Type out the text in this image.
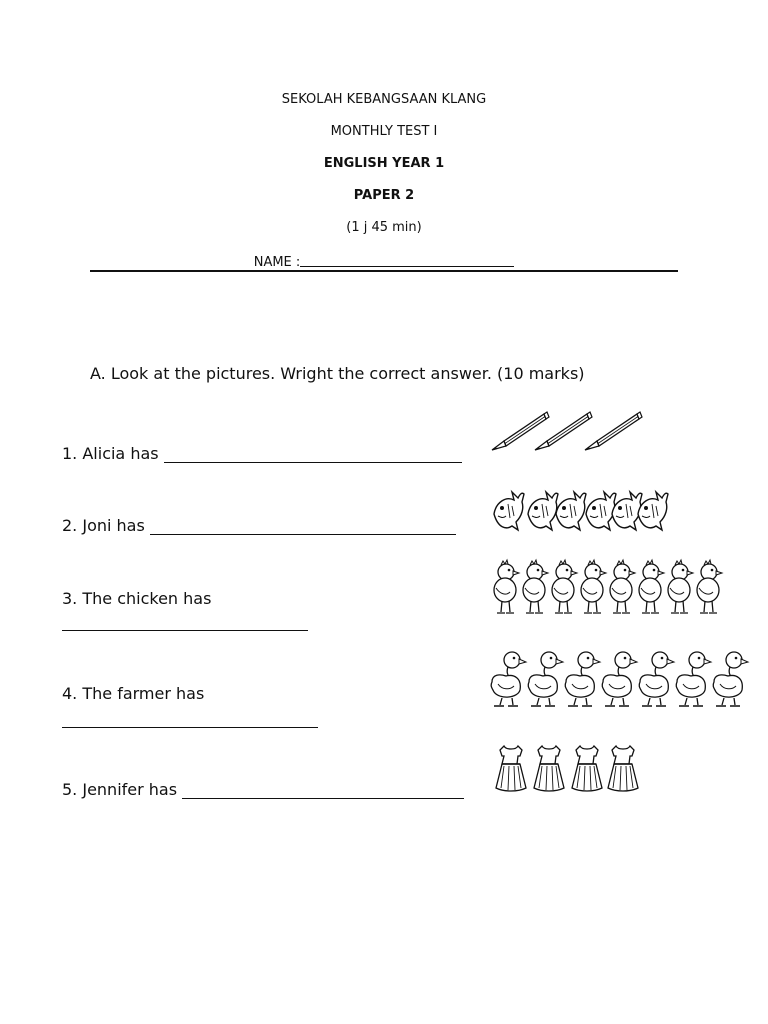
SEKOLAH KEBANGSAAN KLANG
MONTHLY TEST I
ENGLISH YEAR 1
PAPER 2
(1 j 45 min)
NAME :
A. Look at the pictures. Wright the correct answer. (10 marks)
1. Alicia has
2. Joni has
3. The chicken has
4. The farmer has
5. Jennifer has
